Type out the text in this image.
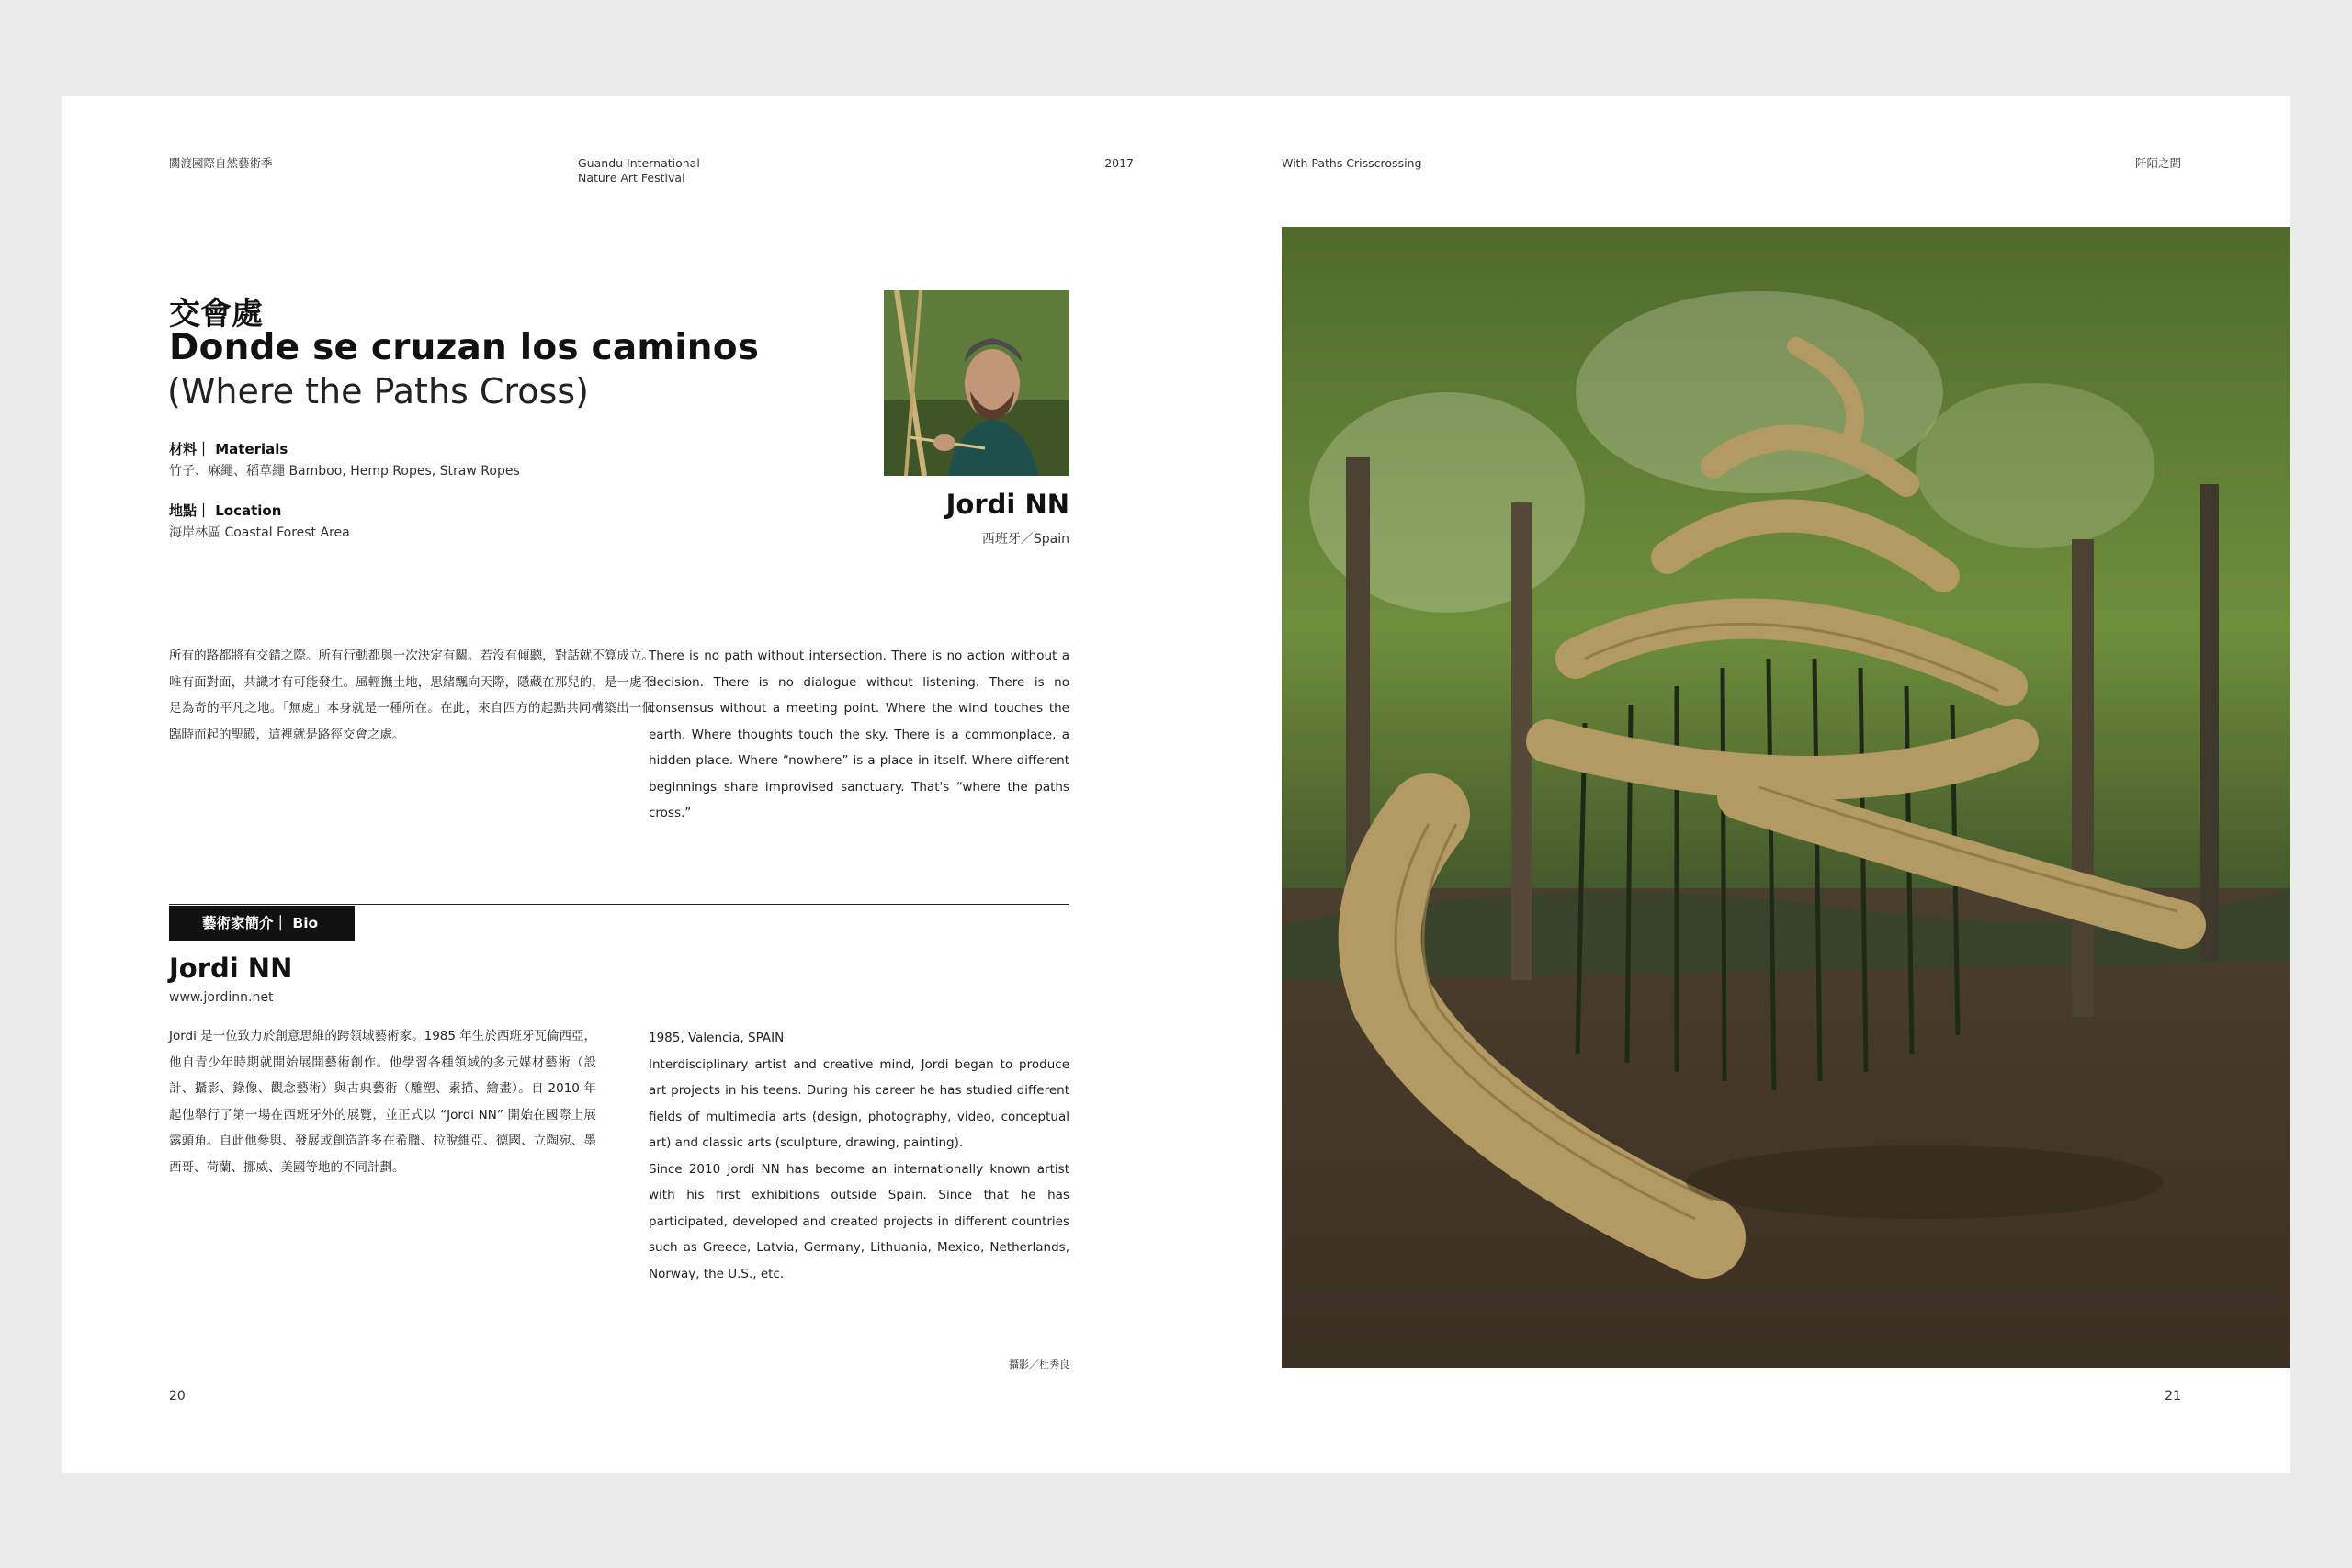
關渡國際自然藝術季	Guandu International
Nature Art Festival
2017
交會處
Donde se cruzan los caminos
(Where the Paths Cross)
材料｜ Materials
竹子、麻繩、稻草繩 Bamboo, Hemp Ropes, Straw Ropes
地點｜ Location
海岸林區 Coastal Forest Area
Jordi NN
西班牙／Spain
所有的路都將有交錯之際。所有行動都與一次決定有關。若沒有傾聽，對話就不算成立。唯有面對面，共識才有可能發生。風輕撫土地，思緒飄向天際，隱藏在那兒的，是一處不足為奇的平凡之地。「無處」本身就是一種所在。在此，來自四方的起點共同構築出一個臨時而起的聖殿，這裡就是路徑交會之處。
There is no path without intersection. There is no action without a decision. There is no dialogue without listening. There is no consensus without a meeting point. Where the wind touches the earth. Where thoughts touch the sky. There is a commonplace, a hidden place. Where “nowhere” is a place in itself. Where different beginnings share improvised sanctuary. That's “where the paths cross.”
藝術家簡介｜ Bio
Jordi NN
www.jordinn.net
Jordi 是一位致力於創意思維的跨領域藝術家。1985 年生於西班牙瓦倫西亞，他自青少年時期就開始展開藝術創作。他學習各種領域的多元媒材藝術（設計、攝影、錄像、觀念藝術）與古典藝術（雕塑、素描、繪畫）。自 2010 年起他舉行了第一場在西班牙外的展覽，並正式以 “Jordi NN” 開始在國際上展露頭角。自此他參與、發展或創造許多在希臘、拉脫維亞、德國、立陶宛、墨西哥、荷蘭、挪威、美國等地的不同計劃。
1985, Valencia, SPAIN
Interdisciplinary artist and creative mind, Jordi began to produce art projects in his teens. During his career he has studied different fields of multimedia arts (design, photography, video, conceptual art) and classic arts (sculpture, drawing, painting).
Since 2010 Jordi NN has become an internationally known artist with his first exhibitions outside Spain. Since that he has participated, developed and created projects in different countries such as Greece, Latvia, Germany, Lithuania, Mexico, Netherlands, Norway, the U.S., etc.
攝影／杜秀良
20
With Paths Crisscrossing	阡陌之間
21
